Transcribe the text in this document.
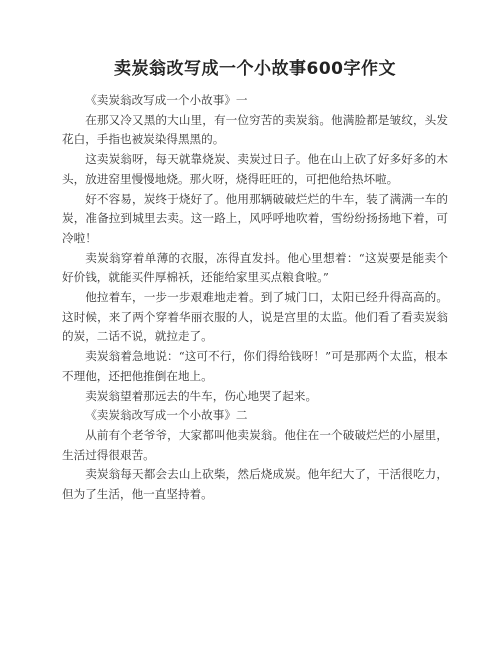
卖炭翁改写成一个小故事600字作文

《卖炭翁改写成一个小故事》一

在那又冷又黑的大山里，有一位穷苦的卖炭翁。他满脸都是皱纹，头发花白，手指也被炭染得黑黑的。

这卖炭翁呀，每天就靠烧炭、卖炭过日子。他在山上砍了好多好多的木头，放进窑里慢慢地烧。那火呀，烧得旺旺的，可把他给热坏啦。

好不容易，炭终于烧好了。他用那辆破破烂烂的牛车，装了满满一车的炭，准备拉到城里去卖。这一路上，风呼呼地吹着，雪纷纷扬扬地下着，可冷啦！

卖炭翁穿着单薄的衣服，冻得直发抖。他心里想着：“这炭要是能卖个好价钱，就能买件厚棉袄，还能给家里买点粮食啦。”

他拉着车，一步一步艰难地走着。到了城门口，太阳已经升得高高的。这时候，来了两个穿着华丽衣服的人，说是宫里的太监。他们看了看卖炭翁的炭，二话不说，就拉走了。

卖炭翁着急地说：“这可不行，你们得给钱呀！”可是那两个太监，根本不理他，还把他推倒在地上。

卖炭翁望着那远去的牛车，伤心地哭了起来。

《卖炭翁改写成一个小故事》二

从前有个老爷爷，大家都叫他卖炭翁。他住在一个破破烂烂的小屋里，生活过得很艰苦。

卖炭翁每天都会去山上砍柴，然后烧成炭。他年纪大了，干活很吃力，但为了生活，他一直坚持着。
